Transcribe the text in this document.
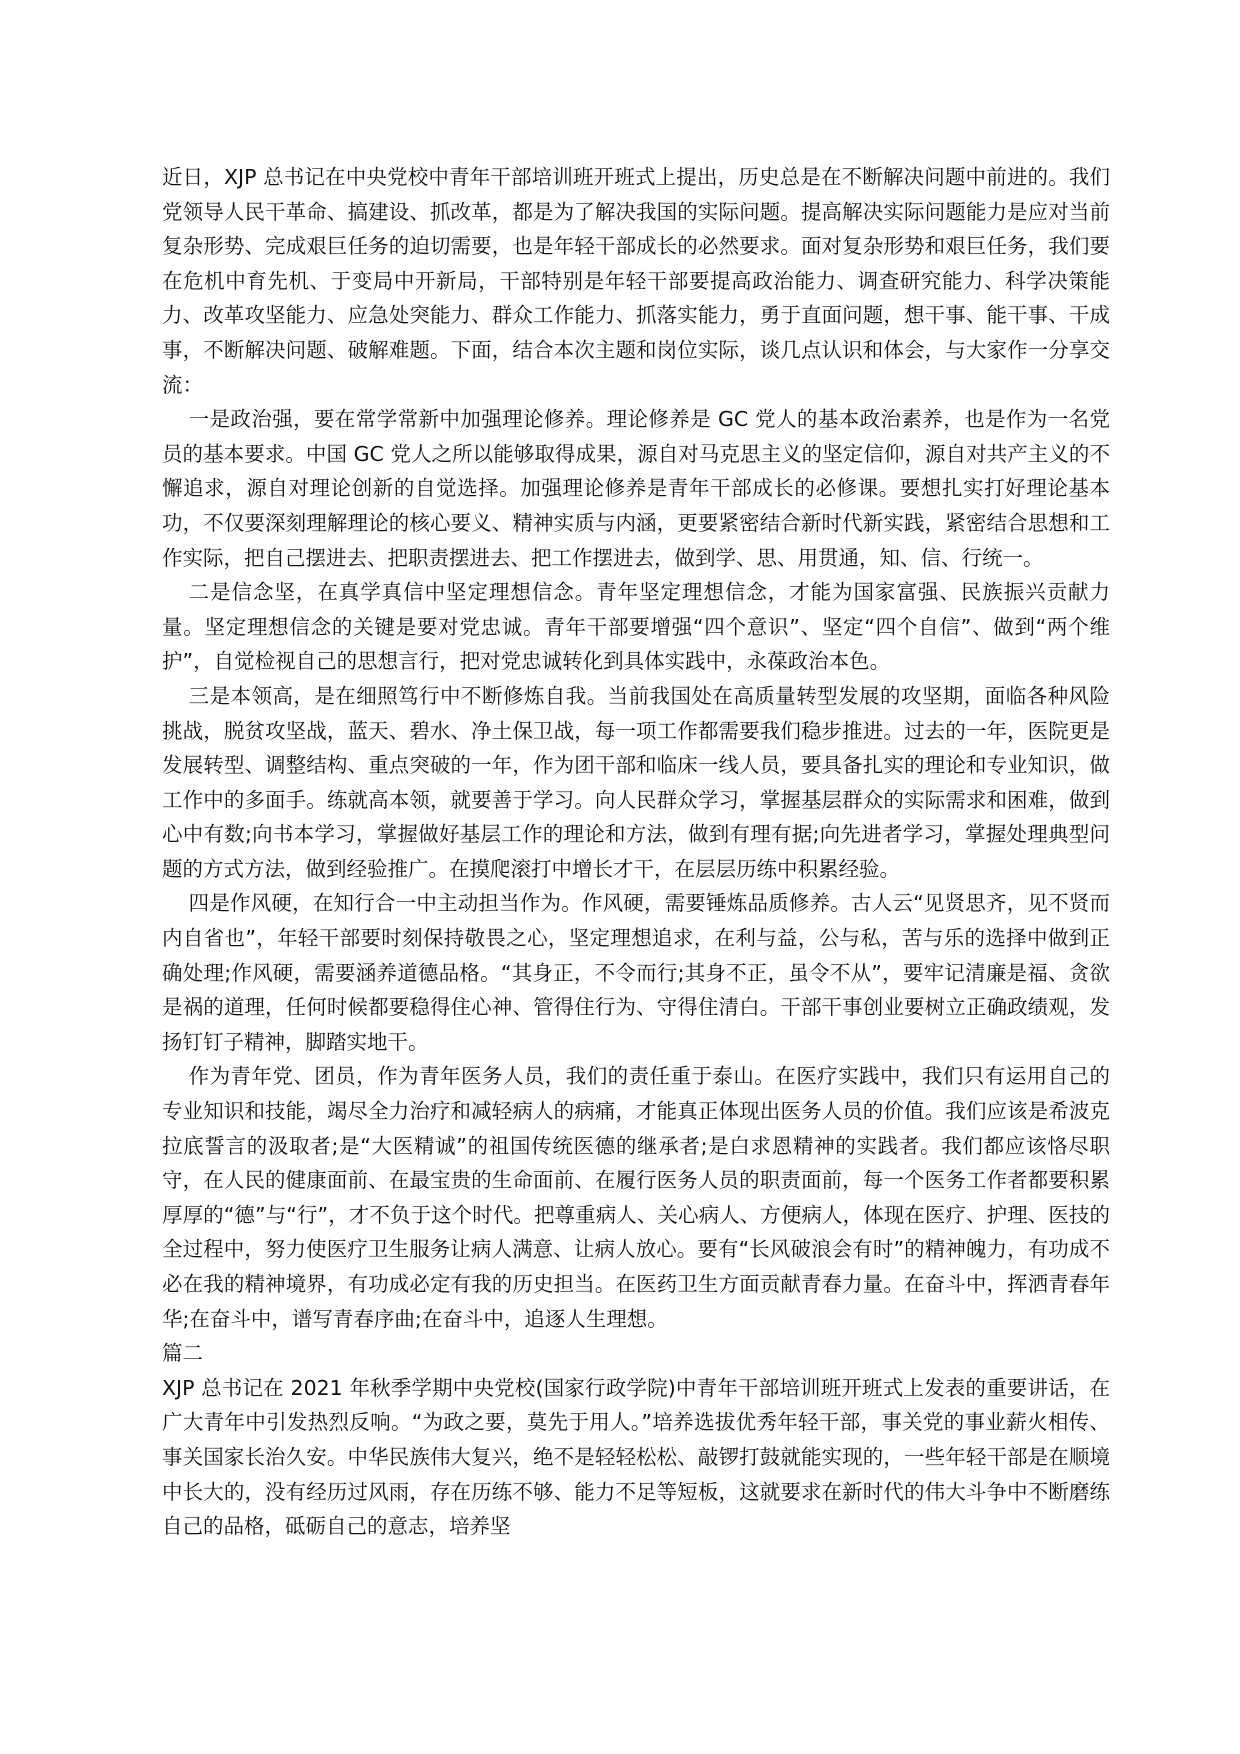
近日，XJP 总书记在中央党校中青年干部培训班开班式上提出，历史总是在不断解决问题中前进的。我们党领导人民干革命、搞建设、抓改革，都是为了解决我国的实际问题。提高解决实际问题能力是应对当前复杂形势、完成艰巨任务的迫切需要，也是年轻干部成长的必然要求。面对复杂形势和艰巨任务，我们要在危机中育先机、于变局中开新局，干部特别是年轻干部要提高政治能力、调查研究能力、科学决策能力、改革攻坚能力、应急处突能力、群众工作能力、抓落实能力，勇于直面问题，想干事、能干事、干成事，不断解决问题、破解难题。下面，结合本次主题和岗位实际，谈几点认识和体会，与大家作一分享交流：

一是政治强，要在常学常新中加强理论修养。理论修养是 GC 党人的基本政治素养，也是作为一名党员的基本要求。中国 GC 党人之所以能够取得成果，源自对马克思主义的坚定信仰，源自对共产主义的不懈追求，源自对理论创新的自觉选择。加强理论修养是青年干部成长的必修课。要想扎实打好理论基本功，不仅要深刻理解理论的核心要义、精神实质与内涵，更要紧密结合新时代新实践，紧密结合思想和工作实际，把自己摆进去、把职责摆进去、把工作摆进去，做到学、思、用贯通，知、信、行统一。

二是信念坚，在真学真信中坚定理想信念。青年坚定理想信念，才能为国家富强、民族振兴贡献力量。坚定理想信念的关键是要对党忠诚。青年干部要增强“四个意识”、坚定“四个自信”、做到“两个维护”，自觉检视自己的思想言行，把对党忠诚转化到具体实践中，永葆政治本色。

三是本领高，是在细照笃行中不断修炼自我。当前我国处在高质量转型发展的攻坚期，面临各种风险挑战，脱贫攻坚战，蓝天、碧水、净土保卫战，每一项工作都需要我们稳步推进。过去的一年，医院更是发展转型、调整结构、重点突破的一年，作为团干部和临床一线人员，要具备扎实的理论和专业知识，做工作中的多面手。练就高本领，就要善于学习。向人民群众学习，掌握基层群众的实际需求和困难，做到心中有数;向书本学习，掌握做好基层工作的理论和方法，做到有理有据;向先进者学习，掌握处理典型问题的方式方法，做到经验推广。在摸爬滚打中增长才干，在层层历练中积累经验。

四是作风硬，在知行合一中主动担当作为。作风硬，需要锤炼品质修养。古人云“见贤思齐，见不贤而内自省也”，年轻干部要时刻保持敬畏之心，坚定理想追求，在利与益，公与私，苦与乐的选择中做到正确处理;作风硬，需要涵养道德品格。“其身正，不令而行;其身不正，虽令不从”，要牢记清廉是福、贪欲是祸的道理，任何时候都要稳得住心神、管得住行为、守得住清白。干部干事创业要树立正确政绩观，发扬钉钉子精神，脚踏实地干。

作为青年党、团员，作为青年医务人员，我们的责任重于泰山。在医疗实践中，我们只有运用自己的专业知识和技能，竭尽全力治疗和减轻病人的病痛，才能真正体现出医务人员的价值。我们应该是希波克拉底誓言的汲取者;是“大医精诚”的祖国传统医德的继承者;是白求恩精神的实践者。我们都应该恪尽职守，在人民的健康面前、在最宝贵的生命面前、在履行医务人员的职责面前，每一个医务工作者都要积累厚厚的“德”与“行”，才不负于这个时代。把尊重病人、关心病人、方便病人，体现在医疗、护理、医技的全过程中，努力使医疗卫生服务让病人满意、让病人放心。要有“长风破浪会有时”的精神魄力，有功成不必在我的精神境界，有功成必定有我的历史担当。在医药卫生方面贡献青春力量。在奋斗中，挥洒青春年华;在奋斗中，谱写青春序曲;在奋斗中，追逐人生理想。

篇二

XJP 总书记在 2021 年秋季学期中央党校(国家行政学院)中青年干部培训班开班式上发表的重要讲话，在广大青年中引发热烈反响。“为政之要，莫先于用人。”培养选拔优秀年轻干部，事关党的事业薪火相传、事关国家长治久安。中华民族伟大复兴，绝不是轻轻松松、敲锣打鼓就能实现的，一些年轻干部是在顺境中长大的，没有经历过风雨，存在历练不够、能力不足等短板，这就要求在新时代的伟大斗争中不断磨练自己的品格，砥砺自己的意志，培养坚
